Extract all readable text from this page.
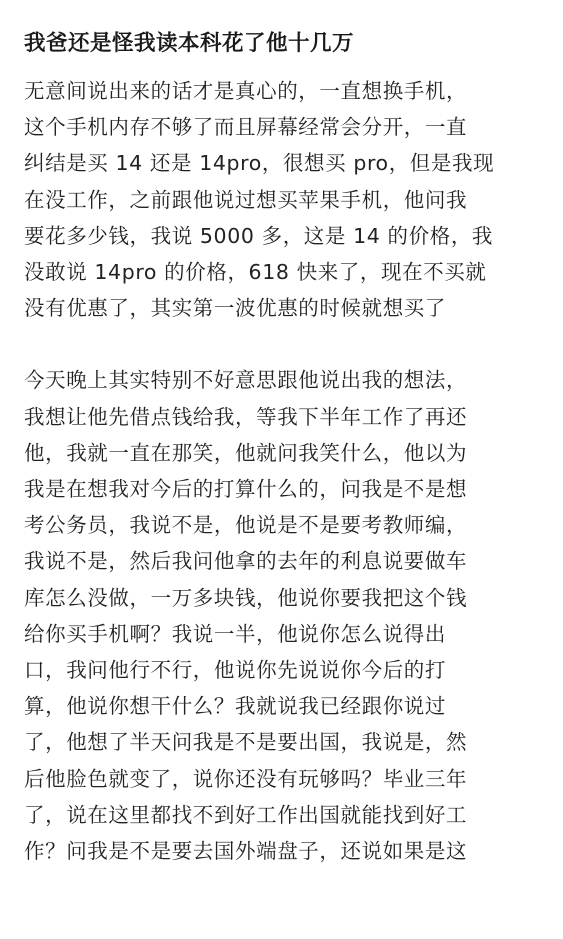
我爸还是怪我读本科花了他十几万
无意间说出来的话才是真心的，一直想换手机，
这个手机内存不够了而且屏幕经常会分开，一直
纠结是买 14 还是 14pro，很想买 pro，但是我现
在没工作，之前跟他说过想买苹果手机，他问我
要花多少钱，我说 5000 多，这是 14 的价格，我
没敢说 14pro 的价格，618 快来了，现在不买就
没有优惠了，其实第一波优惠的时候就想买了
今天晚上其实特别不好意思跟他说出我的想法，
我想让他先借点钱给我，等我下半年工作了再还
他，我就一直在那笑，他就问我笑什么，他以为
我是在想我对今后的打算什么的，问我是不是想
考公务员，我说不是，他说是不是要考教师编，
我说不是，然后我问他拿的去年的利息说要做车
库怎么没做，一万多块钱，他说你要我把这个钱
给你买手机啊？我说一半，他说你怎么说得出
口，我问他行不行，他说你先说说你今后的打
算，他说你想干什么？我就说我已经跟你说过
了，他想了半天问我是不是要出国，我说是，然
后他脸色就变了，说你还没有玩够吗？毕业三年
了，说在这里都找不到好工作出国就能找到好工
作？问我是不是要去国外端盘子，还说如果是这
